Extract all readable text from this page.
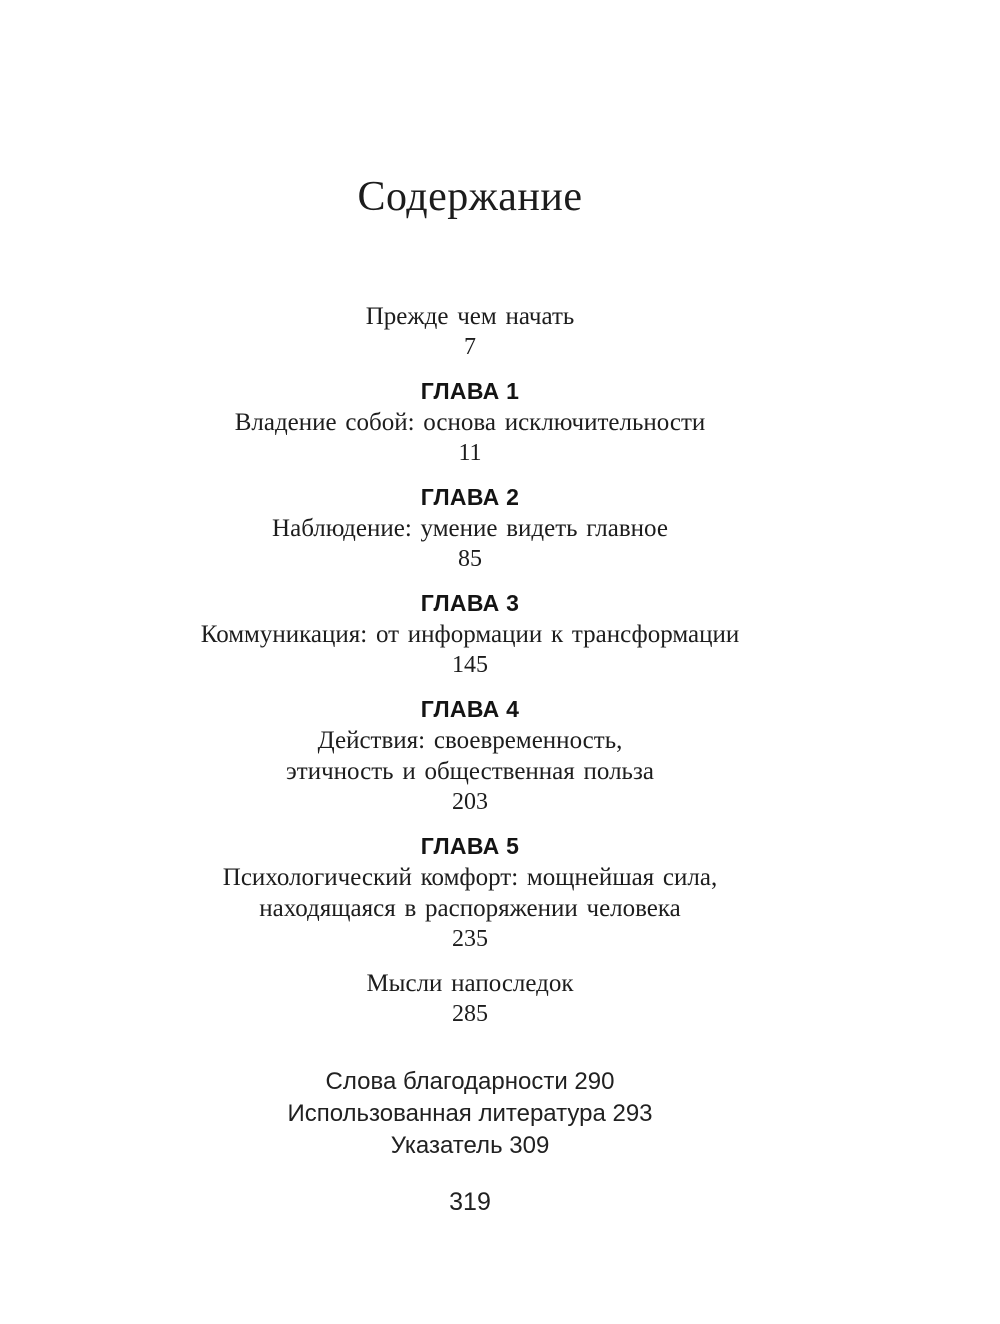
Содержание
Прежде чем начать
7
ГЛАВА 1
Владение собой: основа исключительности
11
ГЛАВА 2
Наблюдение: умение видеть главное
85
ГЛАВА 3
Коммуникация: от информации к трансформации
145
ГЛАВА 4
Действия: своевременность,
этичность и общественная польза
203
ГЛАВА 5
Психологический комфорт: мощнейшая сила,
находящаяся в распоряжении человека
235
Мысли напоследок
285
Слова благодарности 290
Использованная литература 293
Указатель 309
319
